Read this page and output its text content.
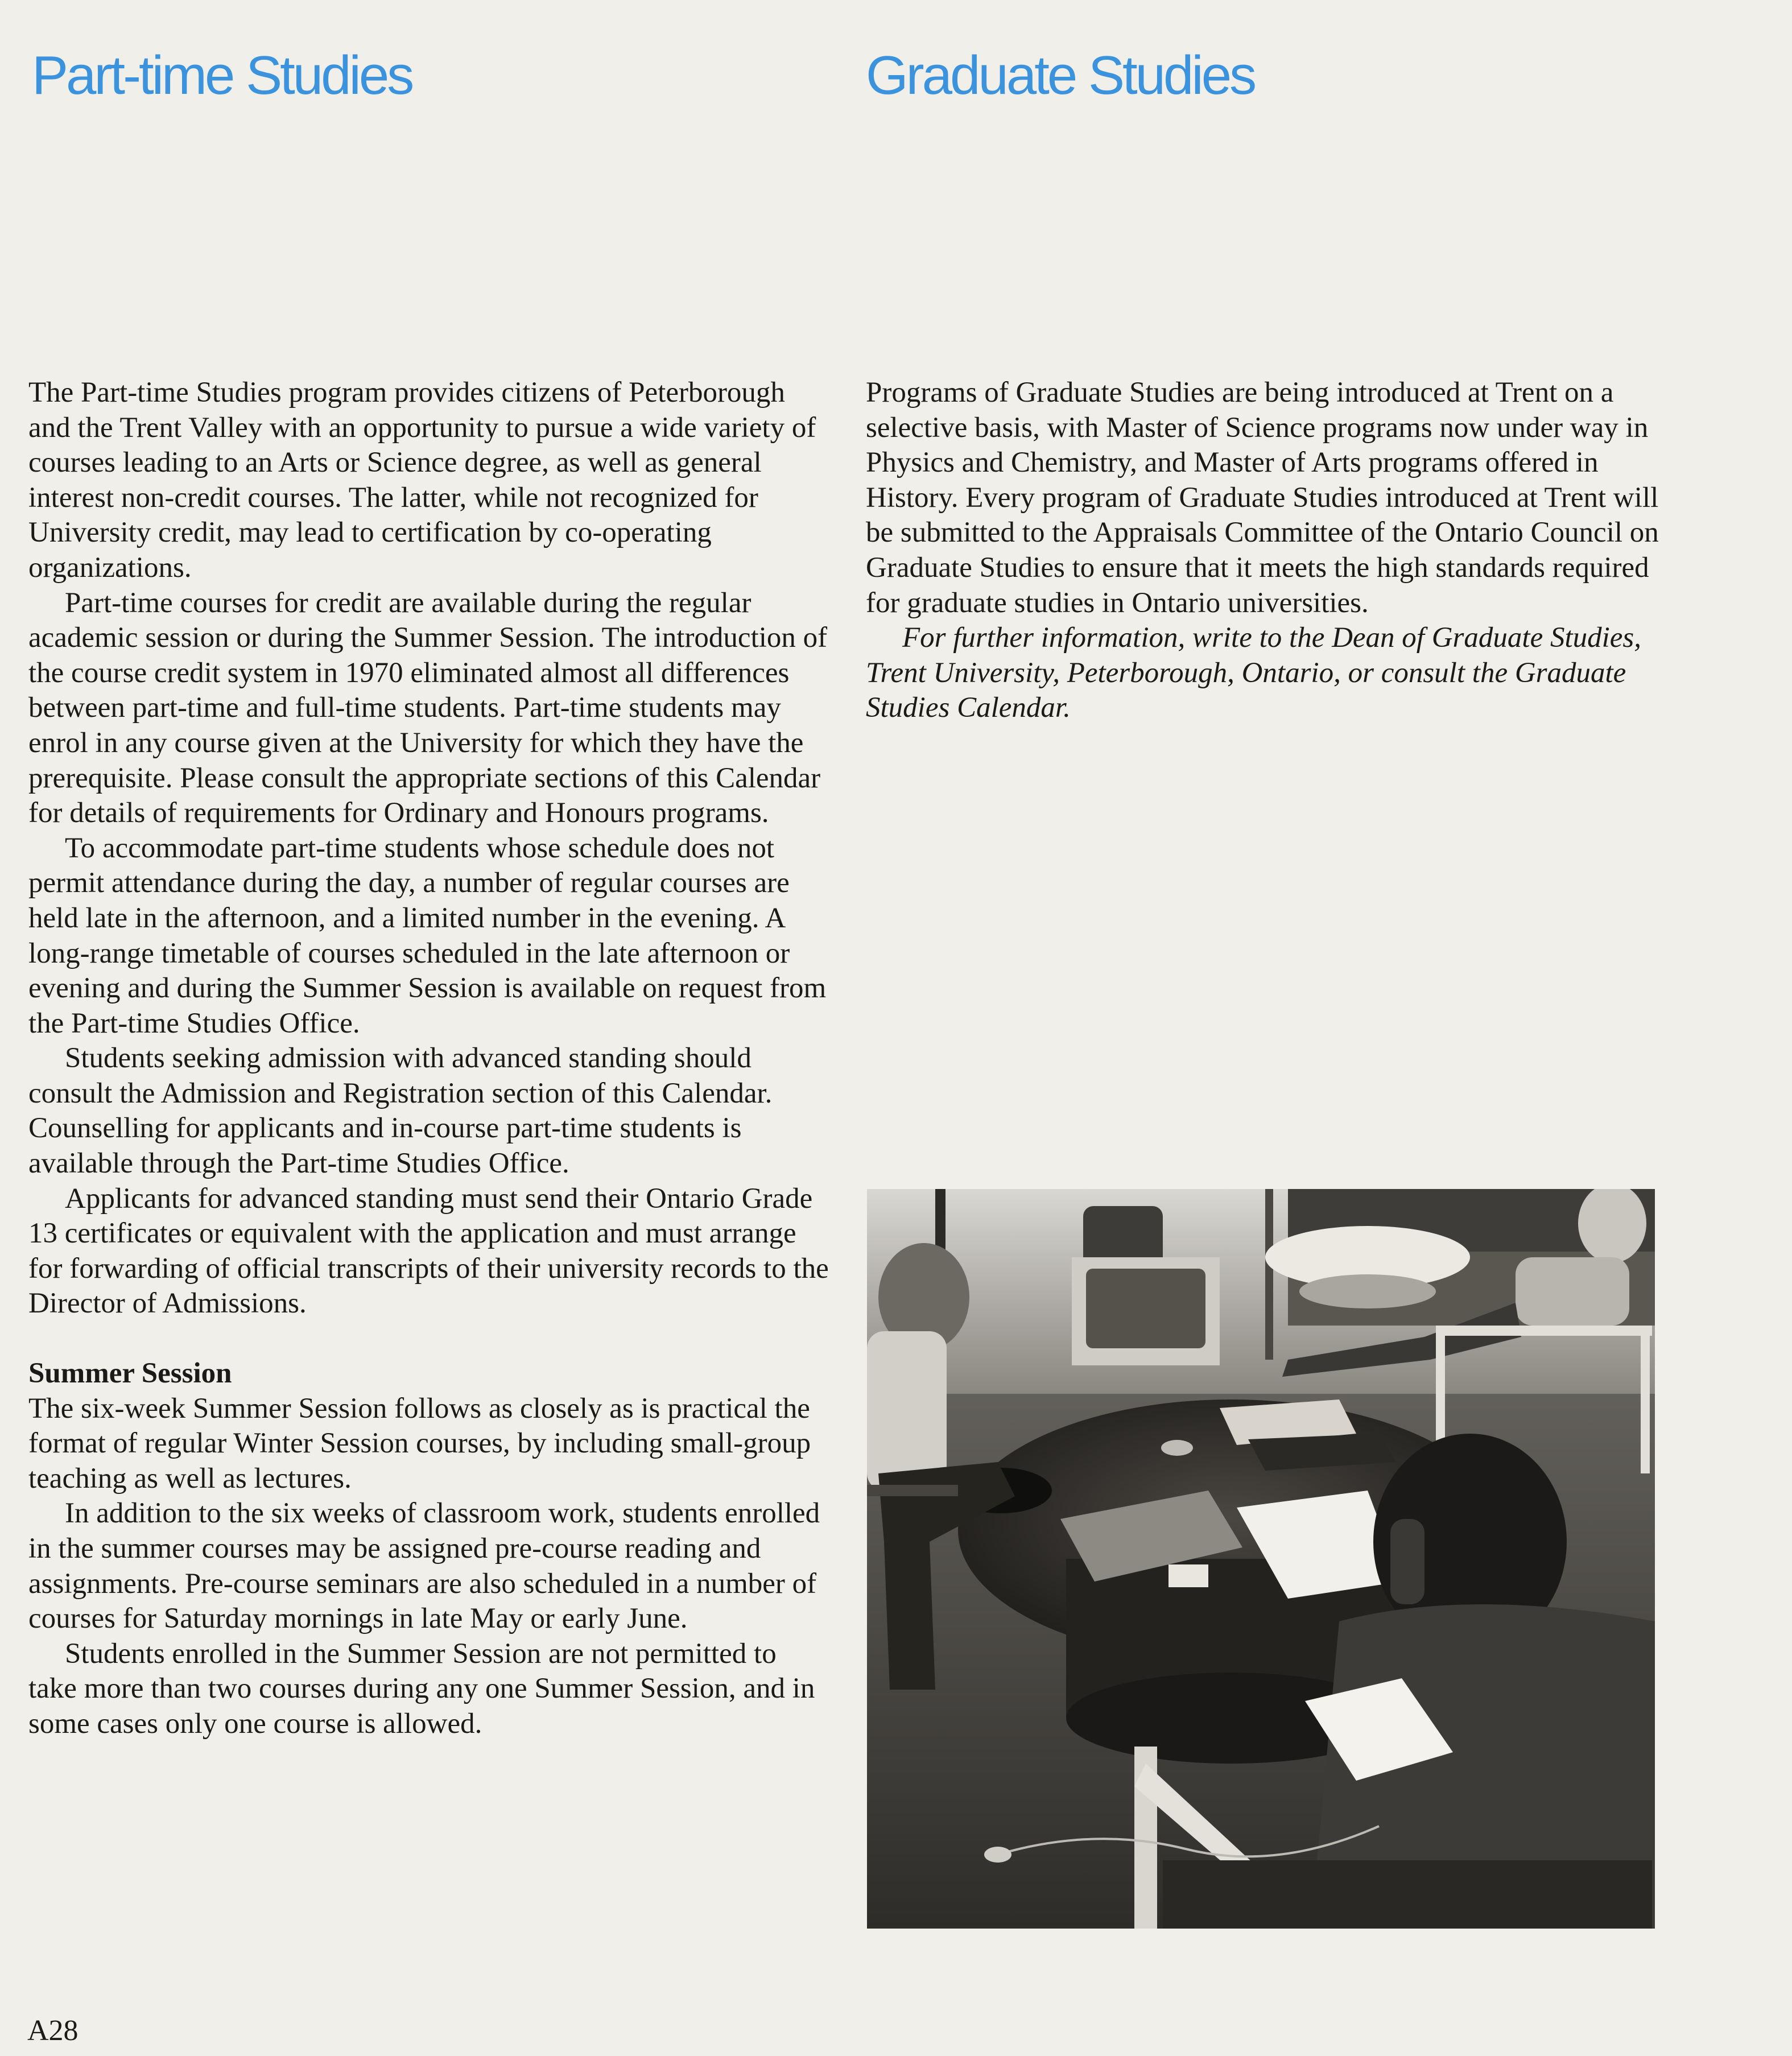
Part-time Studies	Graduate Studies

The Part-time Studies program provides citizens of Peterborough and the Trent Valley with an opportunity to pursue a wide variety of courses leading to an Arts or Science degree, as well as general interest non-credit courses. The latter, while not recognized for University credit, may lead to certification by co-operating organizations.

Part-time courses for credit are available during the regular academic session or during the Summer Session. The introduction of the course credit system in 1970 eliminated almost all differences between part-time and full-time students. Part-time students may enrol in any course given at the University for which they have the prerequisite. Please consult the appropriate sections of this Calendar for details of requirements for Ordinary and Honours programs.

To accommodate part-time students whose schedule does not permit attendance during the day, a number of regular courses are held late in the afternoon, and a limited number in the evening. A long-range timetable of courses scheduled in the late afternoon or evening and during the Summer Session is available on request from the Part-time Studies Office.

Students seeking admission with advanced standing should consult the Admission and Registration section of this Calendar. Counselling for applicants and in-course part-time students is available through the Part-time Studies Office.

Applicants for advanced standing must send their Ontario Grade 13 certificates or equivalent with the application and must arrange for forwarding of official transcripts of their university records to the Director of Admissions.

Summer Session

The six-week Summer Session follows as closely as is practical the format of regular Winter Session courses, by including small-group teaching as well as lectures.

In addition to the six weeks of classroom work, students enrolled in the summer courses may be assigned pre-course reading and assignments. Pre-course seminars are also scheduled in a number of courses for Saturday mornings in late May or early June.

Students enrolled in the Summer Session are not permitted to take more than two courses during any one Summer Session, and in some cases only one course is allowed.

Programs of Graduate Studies are being introduced at Trent on a selective basis, with Master of Science programs now under way in Physics and Chemistry, and Master of Arts programs offered in History. Every program of Graduate Studies introduced at Trent will be submitted to the Appraisals Committee of the Ontario Council on Graduate Studies to ensure that it meets the high standards required for graduate studies in Ontario universities.

For further information, write to the Dean of Graduate Studies, Trent University, Peterborough, Ontario, or consult the Graduate Studies Calendar.

A28
